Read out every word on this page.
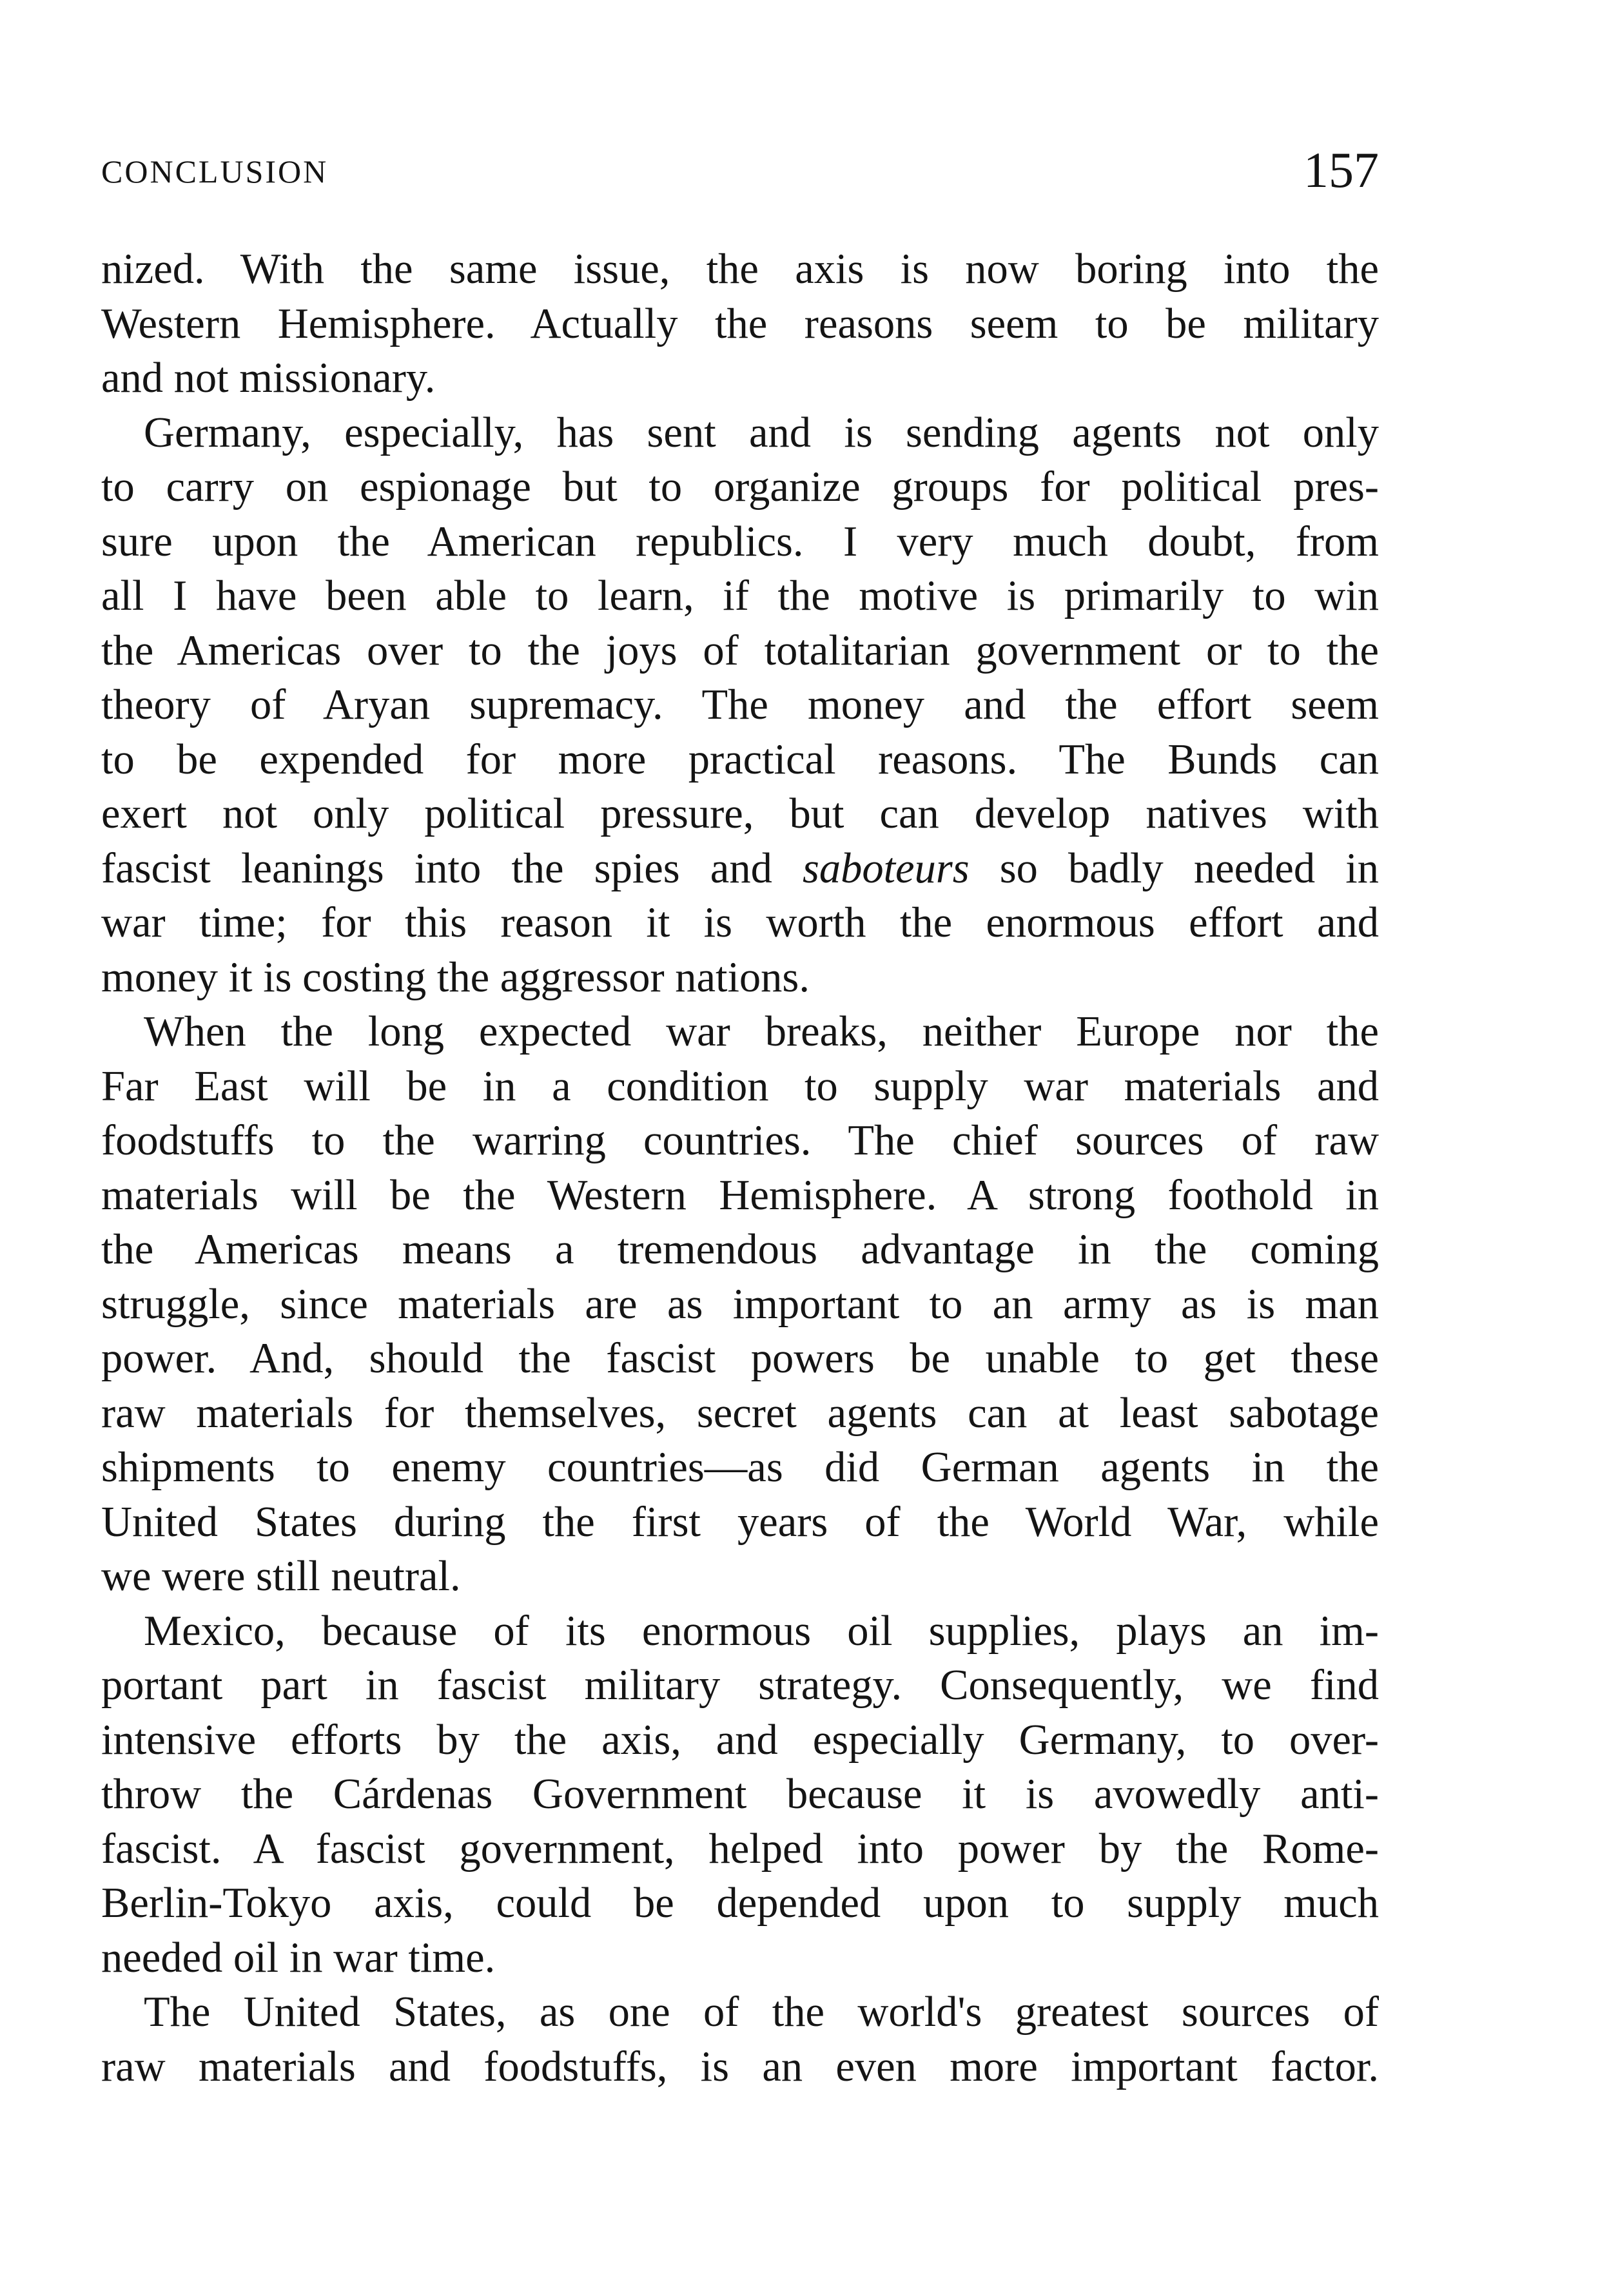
CONCLUSION	157
nized. With the same issue, the axis is now boring into the
Western Hemisphere. Actually the reasons seem to be military
and not missionary.
Germany, especially, has sent and is sending agents not only
to carry on espionage but to organize groups for political pres-
sure upon the American republics. I very much doubt, from
all I have been able to learn, if the motive is primarily to win
the Americas over to the joys of totalitarian government or to the
theory of Aryan supremacy. The money and the effort seem
to be expended for more practical reasons. The Bunds can
exert not only political pressure, but can develop natives with
fascist leanings into the spies and saboteurs so badly needed in
war time; for this reason it is worth the enormous effort and
money it is costing the aggressor nations.
When the long expected war breaks, neither Europe nor the
Far East will be in a condition to supply war materials and
foodstuffs to the warring countries. The chief sources of raw
materials will be the Western Hemisphere. A strong foothold in
the Americas means a tremendous advantage in the coming
struggle, since materials are as important to an army as is man
power. And, should the fascist powers be unable to get these
raw materials for themselves, secret agents can at least sabotage
shipments to enemy countries—as did German agents in the
United States during the first years of the World War, while
we were still neutral.
Mexico, because of its enormous oil supplies, plays an im-
portant part in fascist military strategy. Consequently, we find
intensive efforts by the axis, and especially Germany, to over-
throw the Cárdenas Government because it is avowedly anti-
fascist. A fascist government, helped into power by the Rome-
Berlin-Tokyo axis, could be depended upon to supply much
needed oil in war time.
The United States, as one of the world's greatest sources of
raw materials and foodstuffs, is an even more important factor.
